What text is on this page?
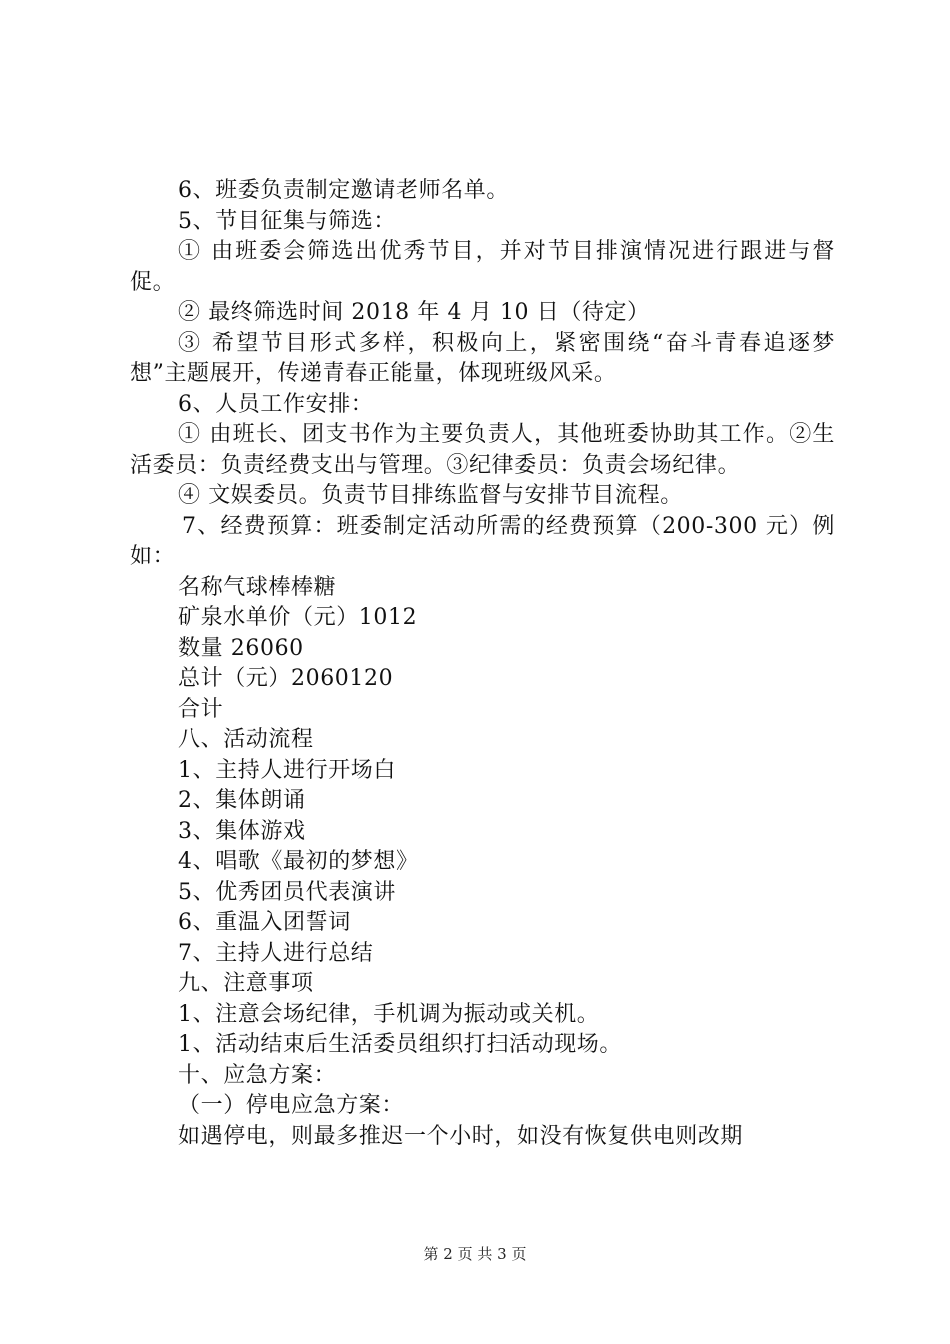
6、班委负责制定邀请老师名单。

5、节目征集与筛选：

① 由班委会筛选出优秀节目，并对节目排演情况进行跟进与督促。

② 最终筛选时间 2018 年 4 月 10 日（待定）

③ 希望节目形式多样，积极向上，紧密围绕“奋斗青春追逐梦想”主题展开，传递青春正能量，体现班级风采。

6、人员工作安排：

① 由班长、团支书作为主要负责人，其他班委协助其工作。②生活委员：负责经费支出与管理。③纪律委员：负责会场纪律。

④ 文娱委员。负责节目排练监督与安排节目流程。

7、经费预算：班委制定活动所需的经费预算（200-300 元）例如：

名称气球棒棒糖

矿泉水单价（元）1012

数量 26060

总计（元）2060120

合计

八、活动流程

1、主持人进行开场白

2、集体朗诵

3、集体游戏

4、唱歌《最初的梦想》

5、优秀团员代表演讲

6、重温入团誓词

7、主持人进行总结

九、注意事项

1、注意会场纪律，手机调为振动或关机。

1、活动结束后生活委员组织打扫活动现场。

十、应急方案：

（一）停电应急方案：

如遇停电，则最多推迟一个小时，如没有恢复供电则改期

第 2 页 共 3 页
